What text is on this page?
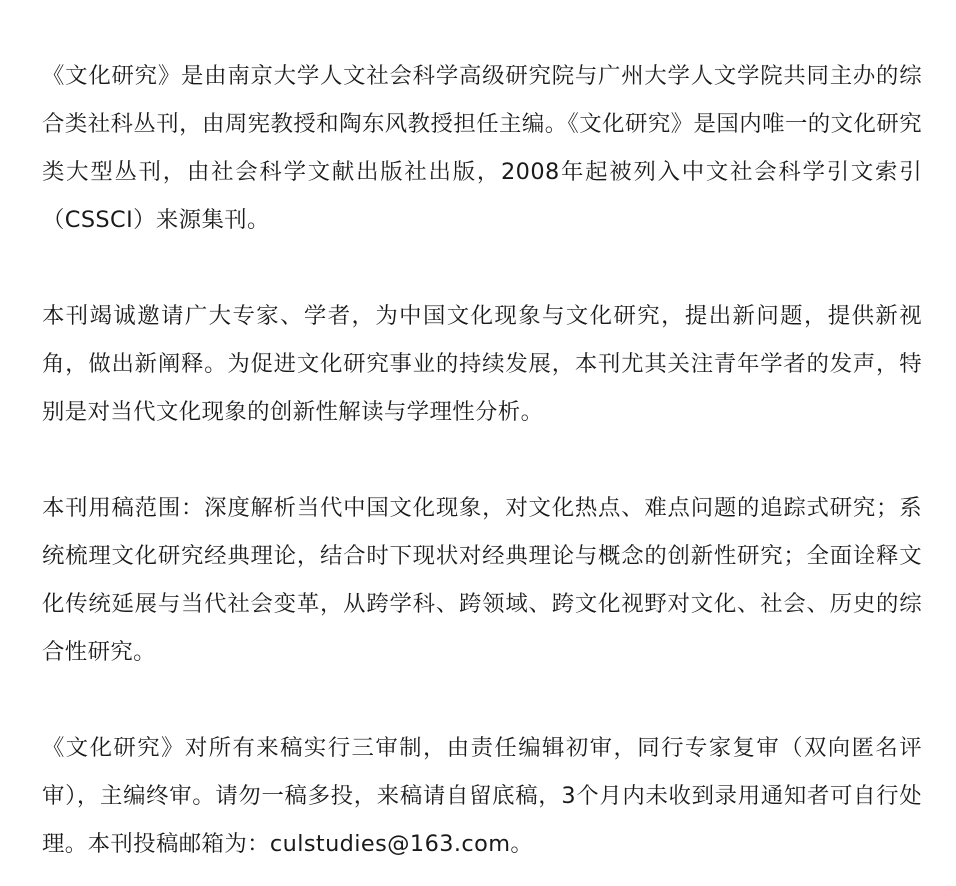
《文化研究》是由南京大学人文社会科学高级研究院与广州大学人文学院共同主办的综合类社科丛刊，由周宪教授和陶东风教授担任主编。《文化研究》是国内唯一的文化研究类大型丛刊，由社会科学文献出版社出版，2008年起被列入中文社会科学引文索引（CSSCI）来源集刊。

本刊竭诚邀请广大专家、学者，为中国文化现象与文化研究，提出新问题，提供新视角，做出新阐释。为促进文化研究事业的持续发展，本刊尤其关注青年学者的发声，特别是对当代文化现象的创新性解读与学理性分析。

本刊用稿范围：深度解析当代中国文化现象，对文化热点、难点问题的追踪式研究；系统梳理文化研究经典理论，结合时下现状对经典理论与概念的创新性研究；全面诠释文化传统延展与当代社会变革，从跨学科、跨领域、跨文化视野对文化、社会、历史的综合性研究。

《文化研究》对所有来稿实行三审制，由责任编辑初审，同行专家复审（双向匿名评审），主编终审。请勿一稿多投，来稿请自留底稿，3个月内未收到录用通知者可自行处理。本刊投稿邮箱为：culstudies@163.com。
